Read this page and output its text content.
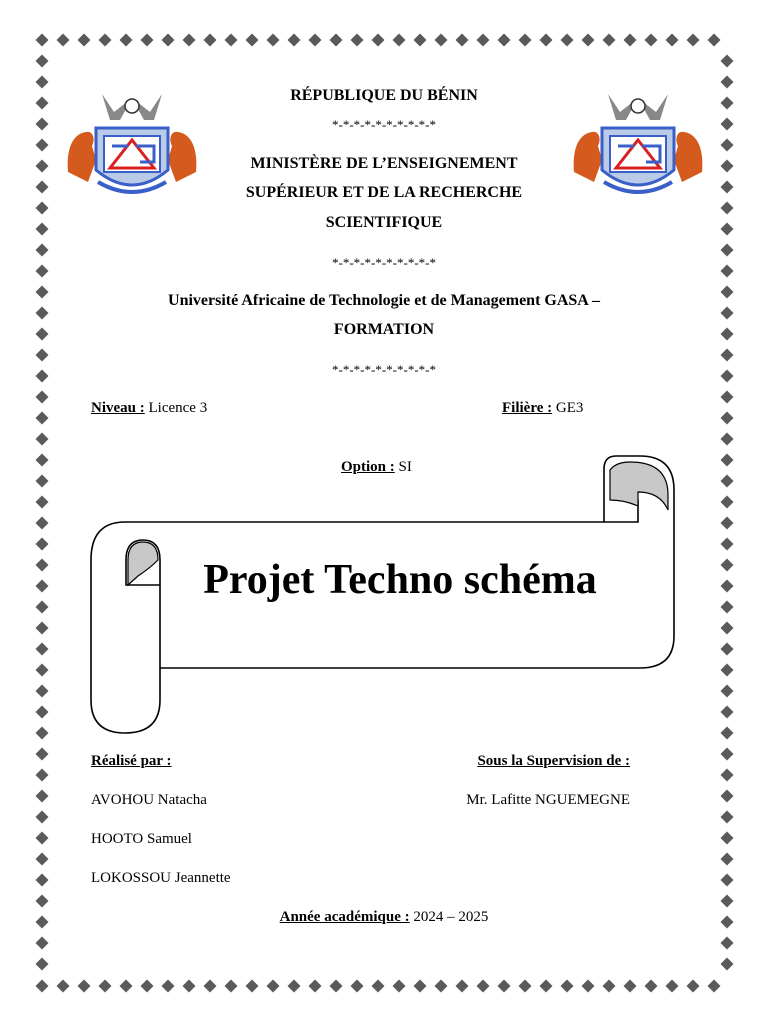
RÉPUBLIQUE DU BÉNIN
*-*-*-*-*-*-*-*-*-*
MINISTÈRE DE L’ENSEIGNEMENT
SUPÉRIEUR ET DE LA RECHERCHE
SCIENTIFIQUE
*-*-*-*-*-*-*-*-*-*
Université Africaine de Technologie et de Management GASA –
FORMATION
*-*-*-*-*-*-*-*-*-*
Niveau : Licence 3	Filière : GE3
Option : SI
Projet Techno schéma
Réalisé par :	Sous la Supervision de :
AVOHOU Natacha	Mr. Lafitte NGUEMEGNE
HOOTO Samuel
LOKOSSOU Jeannette
Année académique : 2024 – 2025
